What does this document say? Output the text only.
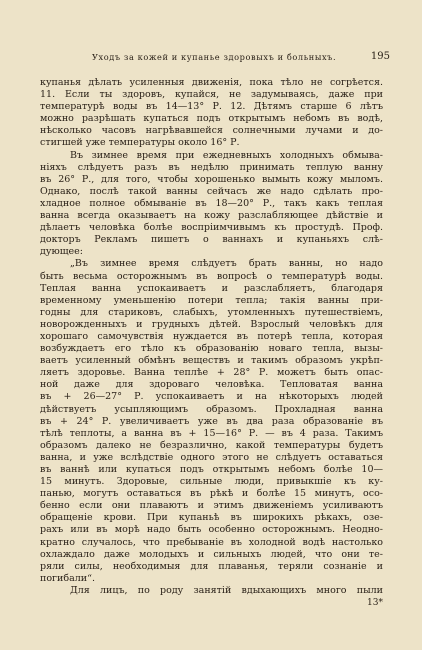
Уходъ за кожей и купанье здоровыхъ и больныхъ.	195
купанья дѣлать усиленныя движенія, пока тѣло не согрѣется.
11. Если ты здоровъ, купайся, не задумываясь, даже при
температурѣ воды въ 14—13° Р. 12. Дѣтямъ старше 6 лѣтъ
можно разрѣшать купаться подъ открытымъ небомъ въ водѣ,
нѣсколько часовъ нагрѣвавшейся солнечными лучами и до-
стигшей уже температуры около 16° Р.
Въ зимнее время при ежедневныхъ холодныхъ обмыва-
ніяхъ слѣдуетъ разъ въ недѣлю принимать теплую ванну
въ 26° Р., для того, чтобы хорошенько вымыть кожу мыломъ.
Однако, послѣ такой ванны сейчасъ же надо сдѣлать про-
хладное полное обмываніе въ 18—20° Р., такъ какъ теплая
ванна всегда оказываетъ на кожу разслабляющее дѣйствіе и
дѣлаетъ человѣка болѣе воспріимчивымъ къ простудѣ. Проф.
докторъ Рекламъ пишетъ о ваннахъ и купаньяхъ слѣ-
дующее:
„Въ зимнее время слѣдуетъ брать ванны, но надо
быть весьма осторожнымъ въ вопросѣ о температурѣ воды.
Теплая ванна успокаиваетъ и разслабляетъ, благодаря
временному уменьшенію потери тепла; такія ванны при-
годны для стариковъ, слабыхъ, утомленныхъ путешествіемъ,
новорожденныхъ и грудныхъ дѣтей. Взрослый человѣкъ для
хорошаго самочувствія нуждается въ потерѣ тепла, которая
возбуждаетъ его тѣло къ образованію новаго тепла, вызы-
ваетъ усиленный обмѣнъ веществъ и такимъ образомъ укрѣп-
ляетъ здоровье. Ванна теплѣе + 28° Р. можетъ быть опас-
ной даже для здороваго человѣка. Тепловатая ванна
въ + 26—27° Р. успокаиваетъ и на нѣкоторыхъ людей
дѣйствуетъ усыпляющимъ образомъ. Прохладная ванна
въ + 24° Р. увеличиваетъ уже въ два раза образованіе въ
тѣлѣ теплоты, а ванна въ + 15—16° Р. — въ 4 раза. Такимъ
образомъ далеко не безразлично, какой температуры будетъ
ванна, и уже вслѣдствіе одного этого не слѣдуетъ оставаться
въ ваннѣ или купаться подъ открытымъ небомъ болѣе 10—
15 минутъ. Здоровые, сильные люди, привыкшіе къ ку-
панью, могутъ оставаться въ рѣкѣ и болѣе 15 минутъ, осо-
бенно если они плаваютъ и этимъ движеніемъ усиливаютъ
обращеніе крови. При купаньѣ въ широкихъ рѣкахъ, озе-
рахъ или въ морѣ надо быть особенно осторожнымъ. Неодно-
кратно случалось, что пребываніе въ холодной водѣ настолько
охлаждало даже молодыхъ и сильныхъ людей, что они те-
ряли силы, необходимыя для плаванья, теряли сознаніе и
погибали“.
Для лицъ, по роду занятій вдыхающихъ много пыли
13*
